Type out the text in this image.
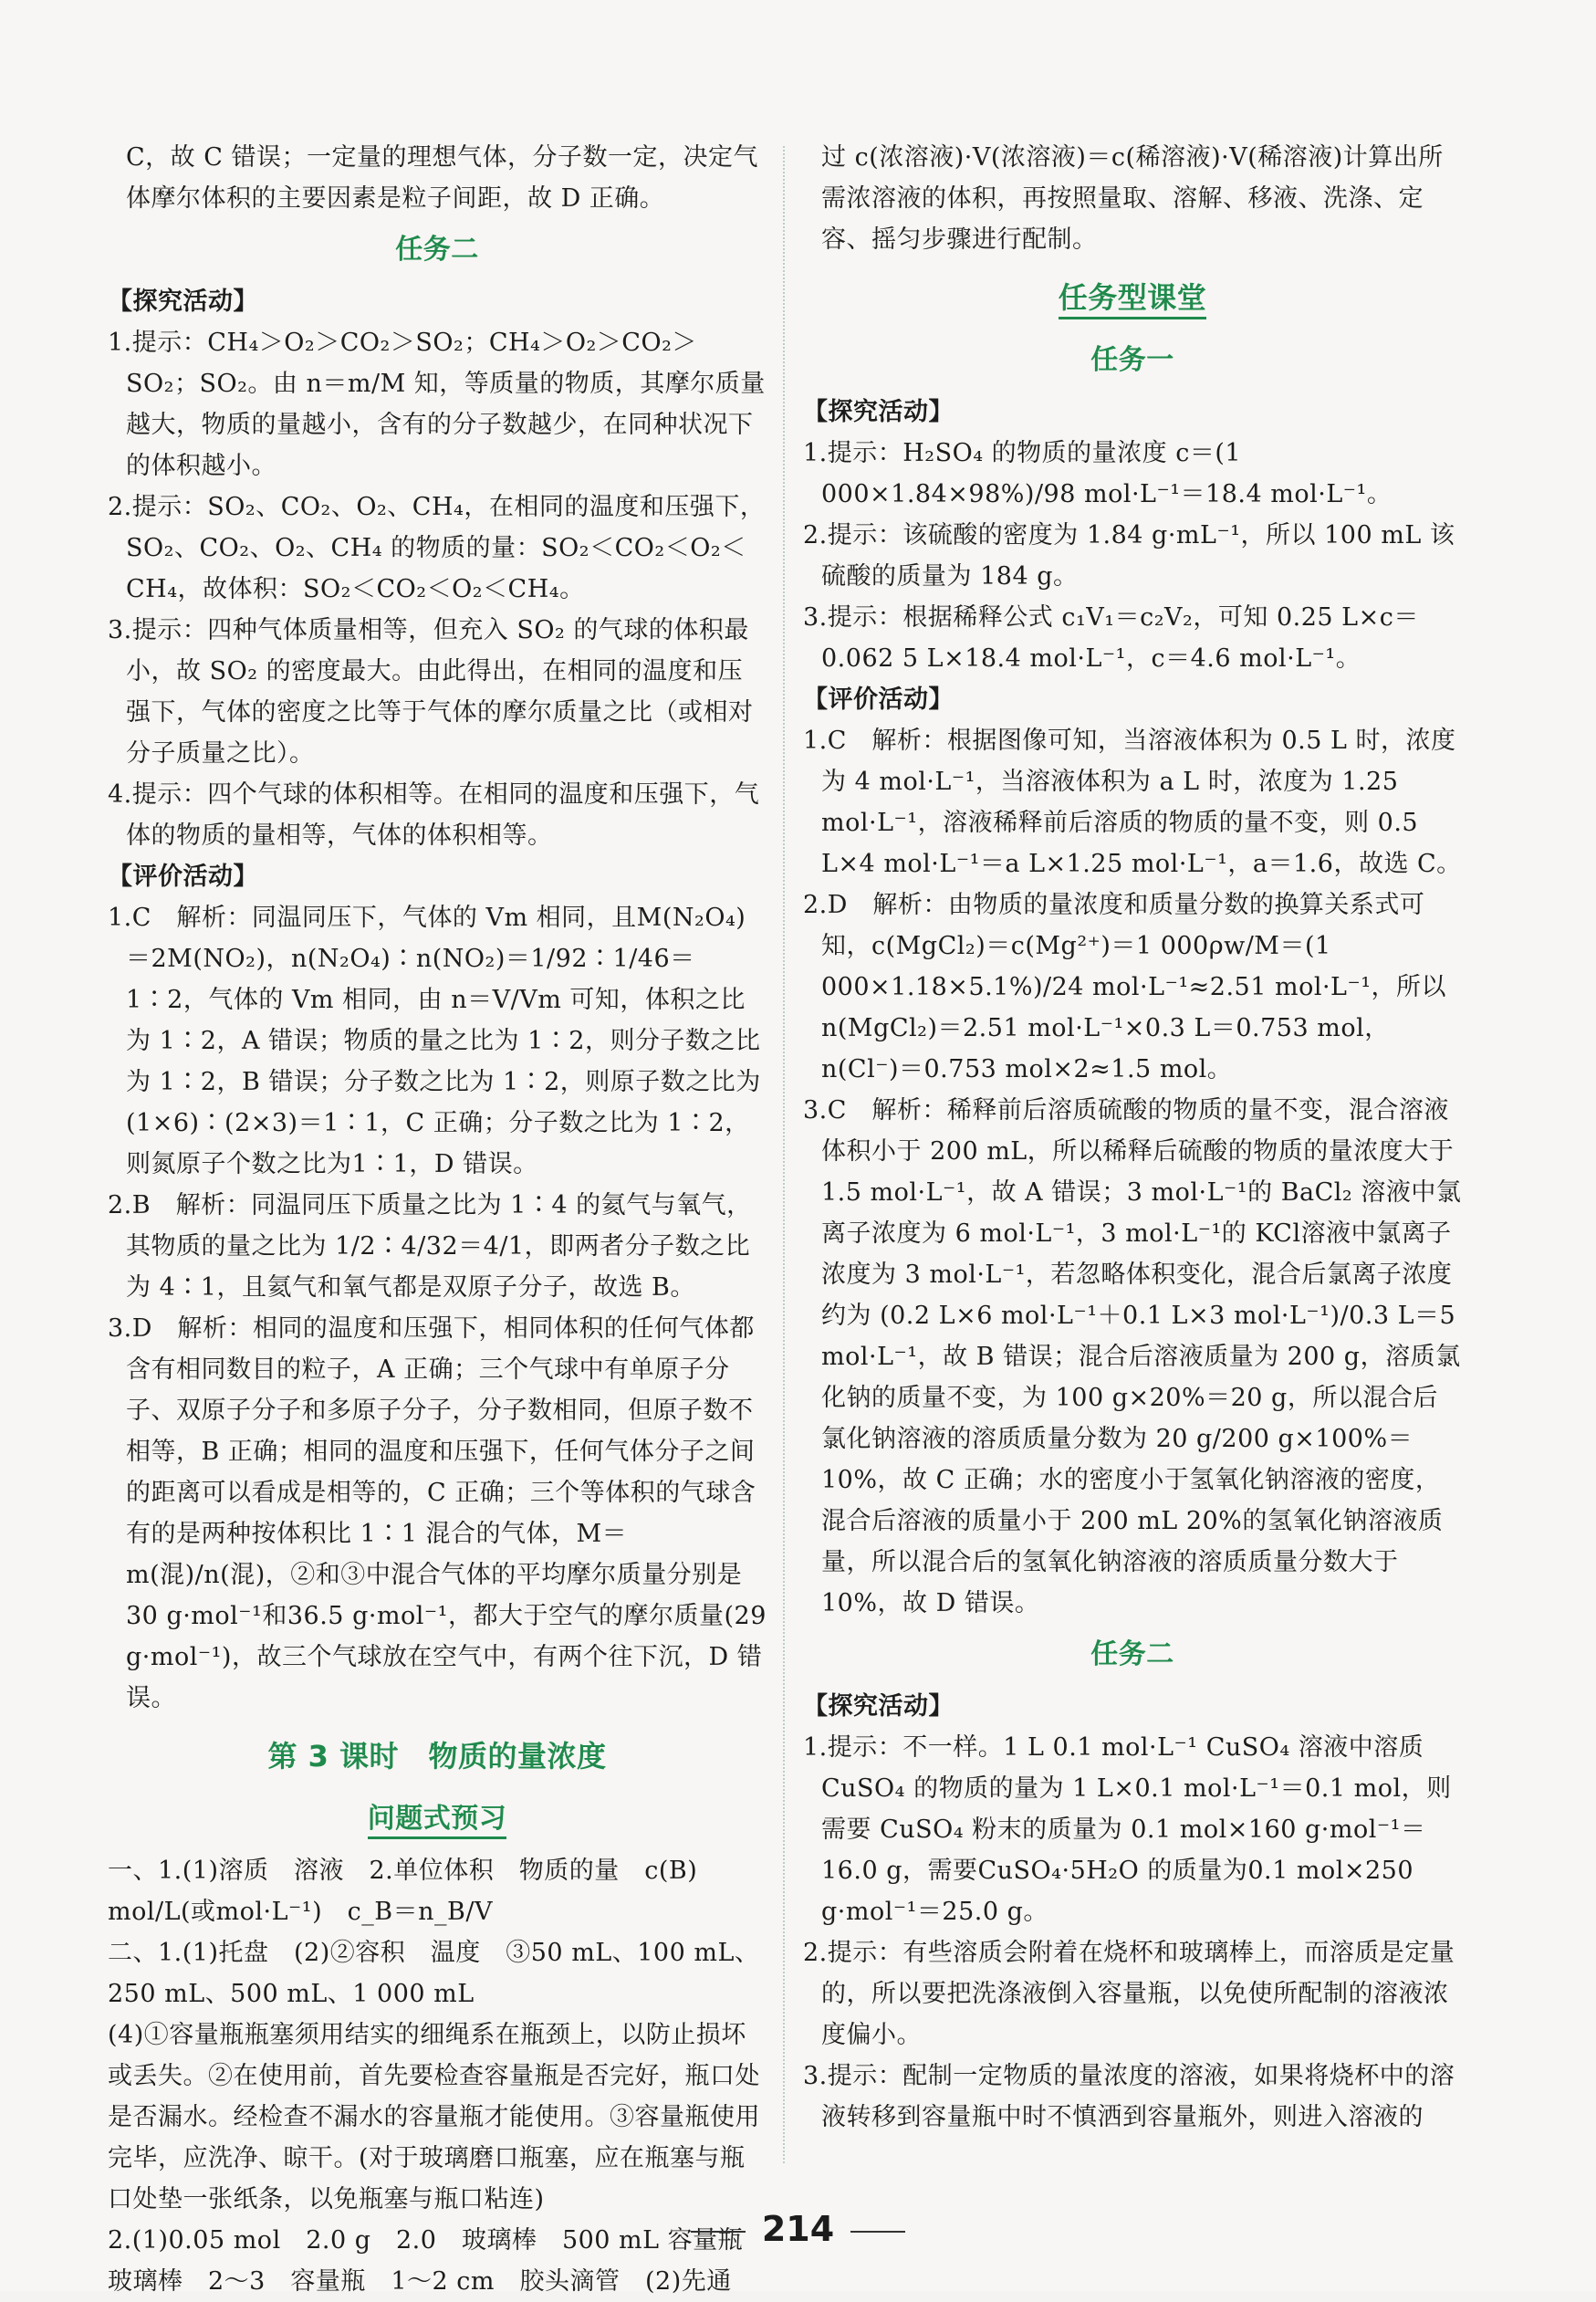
C，故 C 错误；一定量的理想气体，分子数一定，决定气体摩尔体积的主要因素是粒子间距，故 D 正确。

任务二

【探究活动】

1.提示：CH₄＞O₂＞CO₂＞SO₂；CH₄＞O₂＞CO₂＞SO₂；SO₂。由 n＝m/M 知，等质量的物质，其摩尔质量越大，物质的量越小，含有的分子数越少，在同种状况下的体积越小。

2.提示：SO₂、CO₂、O₂、CH₄，在相同的温度和压强下，SO₂、CO₂、O₂、CH₄ 的物质的量：SO₂＜CO₂＜O₂＜CH₄，故体积：SO₂＜CO₂＜O₂＜CH₄。

3.提示：四种气体质量相等，但充入 SO₂ 的气球的体积最小，故 SO₂ 的密度最大。由此得出，在相同的温度和压强下，气体的密度之比等于气体的摩尔质量之比（或相对分子质量之比）。

4.提示：四个气球的体积相等。在相同的温度和压强下，气体的物质的量相等，气体的体积相等。

【评价活动】

1.C　解析：同温同压下，气体的 Vm 相同，且M(N₂O₄)＝2M(NO₂)，n(N₂O₄)∶n(NO₂)＝1/92∶1/46＝1∶2，气体的 Vm 相同，由 n＝V/Vm 可知，体积之比为 1∶2，A 错误；物质的量之比为 1∶2，则分子数之比为 1∶2，B 错误；分子数之比为 1∶2，则原子数之比为(1×6)∶(2×3)＝1∶1，C 正确；分子数之比为 1∶2，则氮原子个数之比为1∶1，D 错误。

2.B　解析：同温同压下质量之比为 1∶4 的氦气与氧气，其物质的量之比为 1/2∶4/32＝4/1，即两者分子数之比为 4∶1，且氦气和氧气都是双原子分子，故选 B。

3.D　解析：相同的温度和压强下，相同体积的任何气体都含有相同数目的粒子，A 正确；三个气球中有单原子分子、双原子分子和多原子分子，分子数相同，但原子数不相等，B 正确；相同的温度和压强下，任何气体分子之间的距离可以看成是相等的，C 正确；三个等体积的气球含有的是两种按体积比 1∶1 混合的气体，M＝m(混)/n(混)，②和③中混合气体的平均摩尔质量分别是 30 g·mol⁻¹和36.5 g·mol⁻¹，都大于空气的摩尔质量(29 g·mol⁻¹)，故三个气球放在空气中，有两个往下沉，D 错误。

第 3 课时　物质的量浓度
问题式预习

一、1.(1)溶质　溶液　2.单位体积　物质的量　c(B)　mol/L(或mol·L⁻¹)　c_B＝n_B/V

二、1.(1)托盘　(2)②容积　温度　③50 mL、100 mL、250 mL、500 mL、1 000 mL

(4)①容量瓶瓶塞须用结实的细绳系在瓶颈上，以防止损坏或丢失。②在使用前，首先要检查容量瓶是否完好，瓶口处是否漏水。经检查不漏水的容量瓶才能使用。③容量瓶使用完毕，应洗净、晾干。(对于玻璃磨口瓶塞，应在瓶塞与瓶口处垫一张纸条，以免瓶塞与瓶口粘连)

2.(1)0.05 mol　2.0 g　2.0　玻璃棒　500 mL 容量瓶　玻璃棒　2～3　容量瓶　1～2 cm　胶头滴管　(2)先通

过 c(浓溶液)·V(浓溶液)＝c(稀溶液)·V(稀溶液)计算出所需浓溶液的体积，再按照量取、溶解、移液、洗涤、定容、摇匀步骤进行配制。

任务型课堂
任务一

【探究活动】

1.提示：H₂SO₄ 的物质的量浓度 c＝(1 000×1.84×98%)/98 mol·L⁻¹＝18.4 mol·L⁻¹。

2.提示：该硫酸的密度为 1.84 g·mL⁻¹，所以 100 mL 该硫酸的质量为 184 g。

3.提示：根据稀释公式 c₁V₁＝c₂V₂，可知 0.25 L×c＝0.062 5 L×18.4 mol·L⁻¹，c＝4.6 mol·L⁻¹。

【评价活动】

1.C　解析：根据图像可知，当溶液体积为 0.5 L 时，浓度为 4 mol·L⁻¹，当溶液体积为 a L 时，浓度为 1.25 mol·L⁻¹，溶液稀释前后溶质的物质的量不变，则 0.5 L×4 mol·L⁻¹＝a L×1.25 mol·L⁻¹，a＝1.6，故选 C。

2.D　解析：由物质的量浓度和质量分数的换算关系式可知，c(MgCl₂)＝c(Mg²⁺)＝1 000ρw/M＝(1 000×1.18×5.1%)/24 mol·L⁻¹≈2.51 mol·L⁻¹，所以 n(MgCl₂)＝2.51 mol·L⁻¹×0.3 L＝0.753 mol，n(Cl⁻)＝0.753 mol×2≈1.5 mol。

3.C　解析：稀释前后溶质硫酸的物质的量不变，混合溶液体积小于 200 mL，所以稀释后硫酸的物质的量浓度大于1.5 mol·L⁻¹，故 A 错误；3 mol·L⁻¹的 BaCl₂ 溶液中氯离子浓度为 6 mol·L⁻¹，3 mol·L⁻¹的 KCl溶液中氯离子浓度为 3 mol·L⁻¹，若忽略体积变化，混合后氯离子浓度约为 (0.2 L×6 mol·L⁻¹＋0.1 L×3 mol·L⁻¹)/0.3 L＝5 mol·L⁻¹，故 B 错误；混合后溶液质量为 200 g，溶质氯化钠的质量不变，为 100 g×20%＝20 g，所以混合后氯化钠溶液的溶质质量分数为 20 g/200 g×100%＝10%，故 C 正确；水的密度小于氢氧化钠溶液的密度，混合后溶液的质量小于 200 mL 20%的氢氧化钠溶液质量，所以混合后的氢氧化钠溶液的溶质质量分数大于 10%，故 D 错误。

任务二

【探究活动】

1.提示：不一样。1 L 0.1 mol·L⁻¹ CuSO₄ 溶液中溶质CuSO₄ 的物质的量为 1 L×0.1 mol·L⁻¹＝0.1 mol，则需要 CuSO₄ 粉末的质量为 0.1 mol×160 g·mol⁻¹＝16.0 g，需要CuSO₄·5H₂O 的质量为0.1 mol×250 g·mol⁻¹＝25.0 g。

2.提示：有些溶质会附着在烧杯和玻璃棒上，而溶质是定量的，所以要把洗涤液倒入容量瓶，以免使所配制的溶液浓度偏小。

3.提示：配制一定物质的量浓度的溶液，如果将烧杯中的溶液转移到容量瓶中时不慎洒到容量瓶外，则进入溶液的

214
